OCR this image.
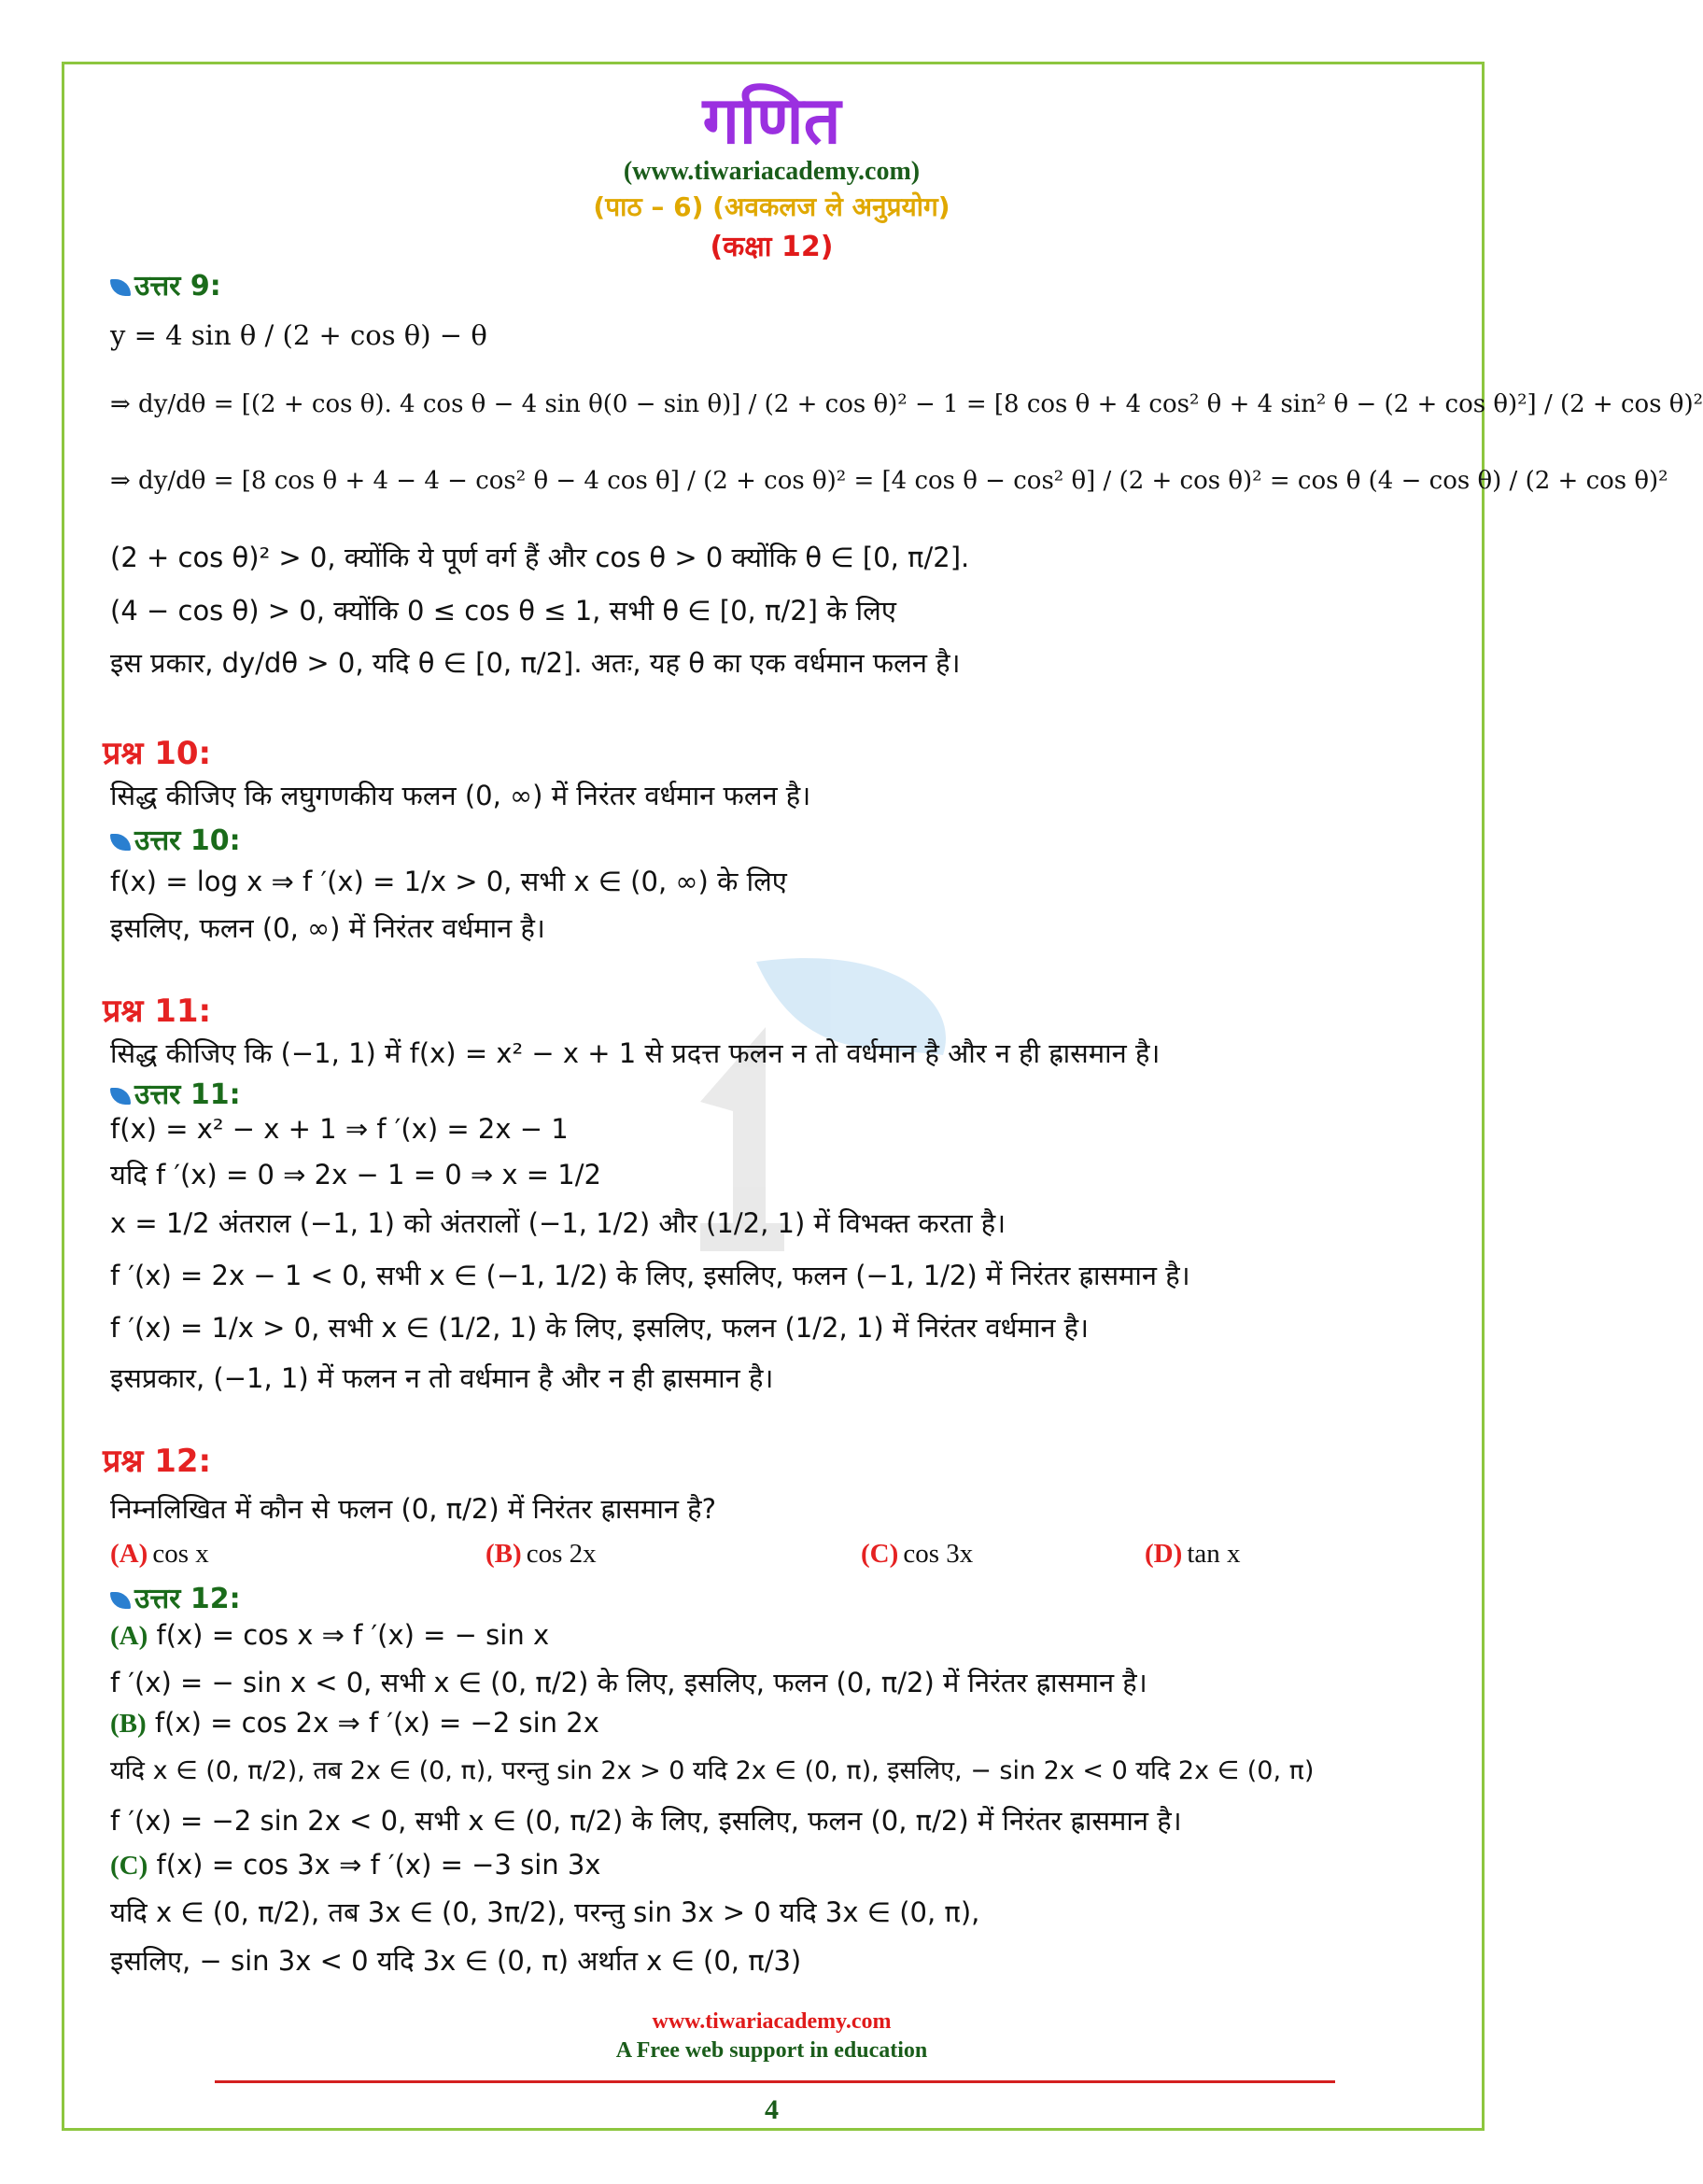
गणित
(www.tiwariacademy.com)
(पाठ – 6) (अवकलज ले अनुप्रयोग)
(कक्षा 12)
उत्तर 9:
y = 4 sin θ / (2 + cos θ) − θ
⇒ dy/dθ = [(2 + cos θ). 4 cos θ − 4 sin θ(0 − sin θ)] / (2 + cos θ)² − 1 = [8 cos θ + 4 cos² θ + 4 sin² θ − (2 + cos θ)²] / (2 + cos θ)²
⇒ dy/dθ = [8 cos θ + 4 − 4 − cos² θ − 4 cos θ] / (2 + cos θ)² = [4 cos θ − cos² θ] / (2 + cos θ)² = cos θ (4 − cos θ) / (2 + cos θ)²
(2 + cos θ)² > 0, क्योंकि ये पूर्ण वर्ग हैं और cos θ > 0 क्योंकि θ ∈ [0, π/2].
(4 − cos θ) > 0, क्योंकि 0 ≤ cos θ ≤ 1, सभी θ ∈ [0, π/2] के लिए
इस प्रकार, dy/dθ > 0, यदि θ ∈ [0, π/2]. अतः, यह θ का एक वर्धमान फलन है।
प्रश्न 10:
सिद्ध कीजिए कि लघुगणकीय फलन (0, ∞) में निरंतर वर्धमान फलन है।
उत्तर 10:
f(x) = log x ⇒ f ′(x) = 1/x > 0, सभी x ∈ (0, ∞) के लिए
इसलिए, फलन (0, ∞) में निरंतर वर्धमान है।
प्रश्न 11:
सिद्ध कीजिए कि (−1, 1) में f(x) = x² − x + 1 से प्रदत्त फलन न तो वर्धमान है और न ही ह्रासमान है।
उत्तर 11:
f(x) = x² − x + 1 ⇒ f ′(x) = 2x − 1
यदि f ′(x) = 0 ⇒ 2x − 1 = 0 ⇒ x = 1/2
x = 1/2 अंतराल (−1, 1) को अंतरालों (−1, 1/2) और (1/2, 1) में विभक्त करता है।
f ′(x) = 2x − 1 < 0, सभी x ∈ (−1, 1/2) के लिए, इसलिए, फलन (−1, 1/2) में निरंतर ह्रासमान है।
f ′(x) = 1/x > 0, सभी x ∈ (1/2, 1) के लिए, इसलिए, फलन (1/2, 1) में निरंतर वर्धमान है।
इसप्रकार, (−1, 1) में फलन न तो वर्धमान है और न ही ह्रासमान है।
प्रश्न 12:
निम्नलिखित में कौन से फलन (0, π/2) में निरंतर ह्रासमान है?
(A) cos x	(B) cos 2x	(C) cos 3x	(D) tan x
उत्तर 12:
(A) f(x) = cos x ⇒ f ′(x) = − sin x
f ′(x) = − sin x < 0, सभी x ∈ (0, π/2) के लिए, इसलिए, फलन (0, π/2) में निरंतर ह्रासमान है।
(B) f(x) = cos 2x ⇒ f ′(x) = −2 sin 2x
यदि x ∈ (0, π/2), तब 2x ∈ (0, π), परन्तु sin 2x > 0 यदि 2x ∈ (0, π), इसलिए, − sin 2x < 0 यदि 2x ∈ (0, π)
f ′(x) = −2 sin 2x < 0, सभी x ∈ (0, π/2) के लिए, इसलिए, फलन (0, π/2) में निरंतर ह्रासमान है।
(C) f(x) = cos 3x ⇒ f ′(x) = −3 sin 3x
यदि x ∈ (0, π/2), तब 3x ∈ (0, 3π/2), परन्तु sin 3x > 0 यदि 3x ∈ (0, π),
इसलिए, − sin 3x < 0 यदि 3x ∈ (0, π) अर्थात x ∈ (0, π/3)
www.tiwariacademy.com
A Free web support in education
4
